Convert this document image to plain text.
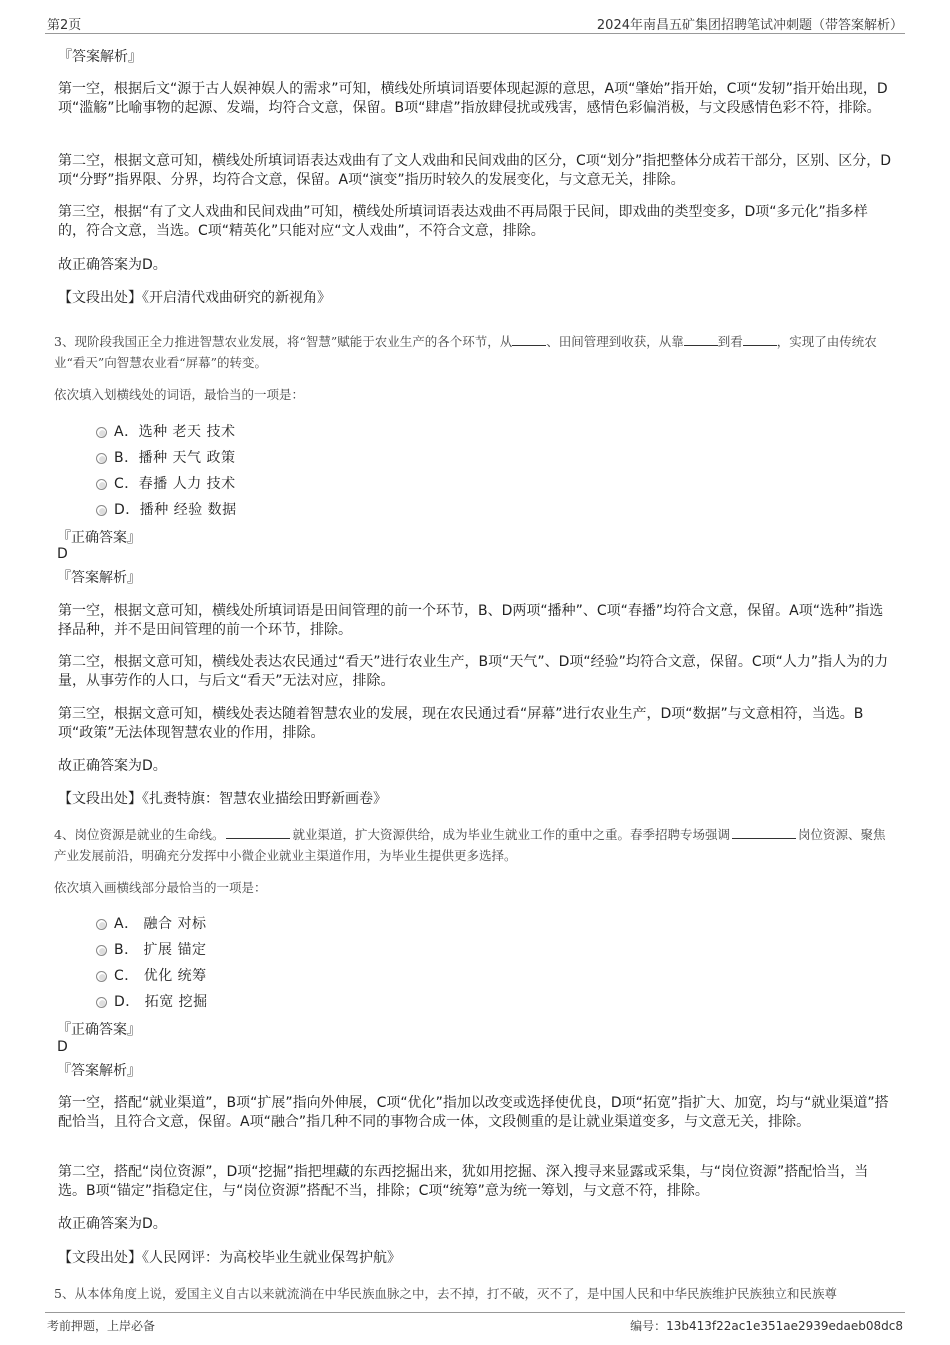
第2页	2024年南昌五矿集团招聘笔试冲刺题（带答案解析）
『答案解析』
第一空，根据后文“源于古人娱神娱人的需求”可知，横线处所填词语要体现起源的意思，A项“肇始”指开始，C项“发轫”指开始出现，D项“滥觞”比喻事物的起源、发端，均符合文意，保留。B项“肆虐”指放肆侵扰或残害，感情色彩偏消极，与文段感情色彩不符，排除。
第二空，根据文意可知，横线处所填词语表达戏曲有了文人戏曲和民间戏曲的区分，C项“划分”指把整体分成若干部分，区别、区分，D项“分野”指界限、分界，均符合文意，保留。A项“演变”指历时较久的发展变化，与文意无关，排除。
第三空，根据“有了文人戏曲和民间戏曲”可知，横线处所填词语表达戏曲不再局限于民间，即戏曲的类型变多，D项“多元化”指多样的，符合文意，当选。C项“精英化”只能对应“文人戏曲”，不符合文意，排除。
故正确答案为D。
【文段出处】《开启清代戏曲研究的新视角》
3、现阶段我国正全力推进智慧农业发展，将“智慧”赋能于农业生产的各个环节，从	、田间管理到收获，从靠	到看	，实现了由传统农业“看天”向智慧农业看“屏幕”的转变。
依次填入划横线处的词语，最恰当的一项是：
A．选种 老天 技术
B．播种 天气 政策
C．春播 人力 技术
D．播种 经验 数据
『正确答案』
D
『答案解析』
第一空，根据文意可知，横线处所填词语是田间管理的前一个环节，B、D两项“播种”、C项“春播”均符合文意，保留。A项“选种”指选择品种，并不是田间管理的前一个环节，排除。
第二空，根据文意可知，横线处表达农民通过“看天”进行农业生产，B项“天气”、D项“经验”均符合文意，保留。C项“人力”指人为的力量，从事劳作的人口，与后文“看天”无法对应，排除。
第三空，根据文意可知，横线处表达随着智慧农业的发展，现在农民通过看“屏幕”进行农业生产，D项“数据”与文意相符，当选。B项“政策”无法体现智慧农业的作用，排除。
故正确答案为D。
【文段出处】《扎赉特旗：智慧农业描绘田野新画卷》
4、岗位资源是就业的生命线。	就业渠道，扩大资源供给，成为毕业生就业工作的重中之重。春季招聘专场强调	岗位资源、聚焦产业发展前沿，明确充分发挥中小微企业就业主渠道作用，为毕业生提供更多选择。
依次填入画横线部分最恰当的一项是：
A． 融合 对标
B． 扩展 锚定
C． 优化 统筹
D． 拓宽 挖掘
『正确答案』
D
『答案解析』
第一空，搭配“就业渠道”，B项“扩展”指向外伸展，C项“优化”指加以改变或选择使优良，D项“拓宽”指扩大、加宽，均与“就业渠道”搭配恰当，且符合文意，保留。A项“融合”指几种不同的事物合成一体，文段侧重的是让就业渠道变多，与文意无关，排除。
第二空，搭配“岗位资源”，D项“挖掘”指把埋藏的东西挖掘出来，犹如用挖掘、深入搜寻来显露或采集，与“岗位资源”搭配恰当，当选。B项“锚定”指稳定住，与“岗位资源”搭配不当，排除；C项“统筹”意为统一筹划，与文意不符，排除。
故正确答案为D。
【文段出处】《人民网评：为高校毕业生就业保驾护航》
5、从本体角度上说，爱国主义自古以来就流淌在中华民族血脉之中，去不掉，打不破，灭不了，是中国人民和中华民族维护民族独立和民族尊
考前押题，上岸必备	编号：13b413f22ac1e351ae2939edaeb08dc8
